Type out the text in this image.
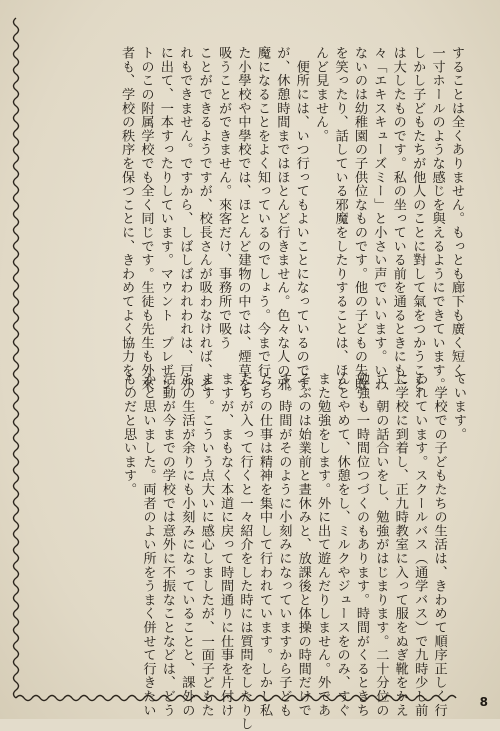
することは全くありません。もっとも廊下も廣く短く、

一寸ホールのような感じを與えるようにできています。

しかし子どもたちが他人のことに對して氣をつかうこと

は大したものです。私の坐っている前を通るときにも一

々「エキスキューズミー」と小さい声でいいます。いわ

ないのは幼稚園の子供位なものです。他の子どもの失敗

を笑ったり、話している邪魔をしたりすることは、ほと

んど見ません。

　便所には、いつ行ってもよいことになっているのです

が、休憩時間まではほとんど行きません。色々な人の邪

魔になることをよく知っているのでしょう。今まで行っ

た小學校や中學校では、ほとんど建物の中では、煙草を

吸うことができません。來客だけ、事務所で吸う

ことができるようですが、校長さんが吸わなければ、そ

れもできません。ですから、しばしばわれわれは、戸外

に出て、一本すったりしています。マウント　プレザン

トのこの附属学校でも全く同じです。生徒も先生も外來

者も、学校の秩序を保つことに、きわめてよく協力をし

ています。

　学校での子どもたちの生活は、きわめて順序正しく行

われています。スクールバス（通学バス）で九時少し前

に学校に到着し、正九時教室に入って服をぬぎ靴をかえ

て、朝の話合いをし、勉強がはじまります。二十分位の

勉強も一時間位つづくのもあります。時間がくるときち

んとやめて、休憩をし、ミルクやジュースをのみ、すぐ

また勉強をします。外に出て遊んだりしません。外であ

そぶのは始業前と晝休みと、放課後と体操の時間だけで

す。時間がそのように小刻みになっていますから子ども

たちの仕事は精神を集中して行われています。しかし私

たちが入って行くと一々紹介をした時には質問をしたりし

ますが、まもなく本道に戻って時間通りに仕事を片付け

ます。こういう点大いに感心しましたが、一面子どもた

ちの生活が余りにも小刻みになっていることと、課外の

活動が今までの学校では意外に不振なことなどは、どう

かと思いました。両者のよい所をうまく併せて行きたい

ものだと思います。

8
